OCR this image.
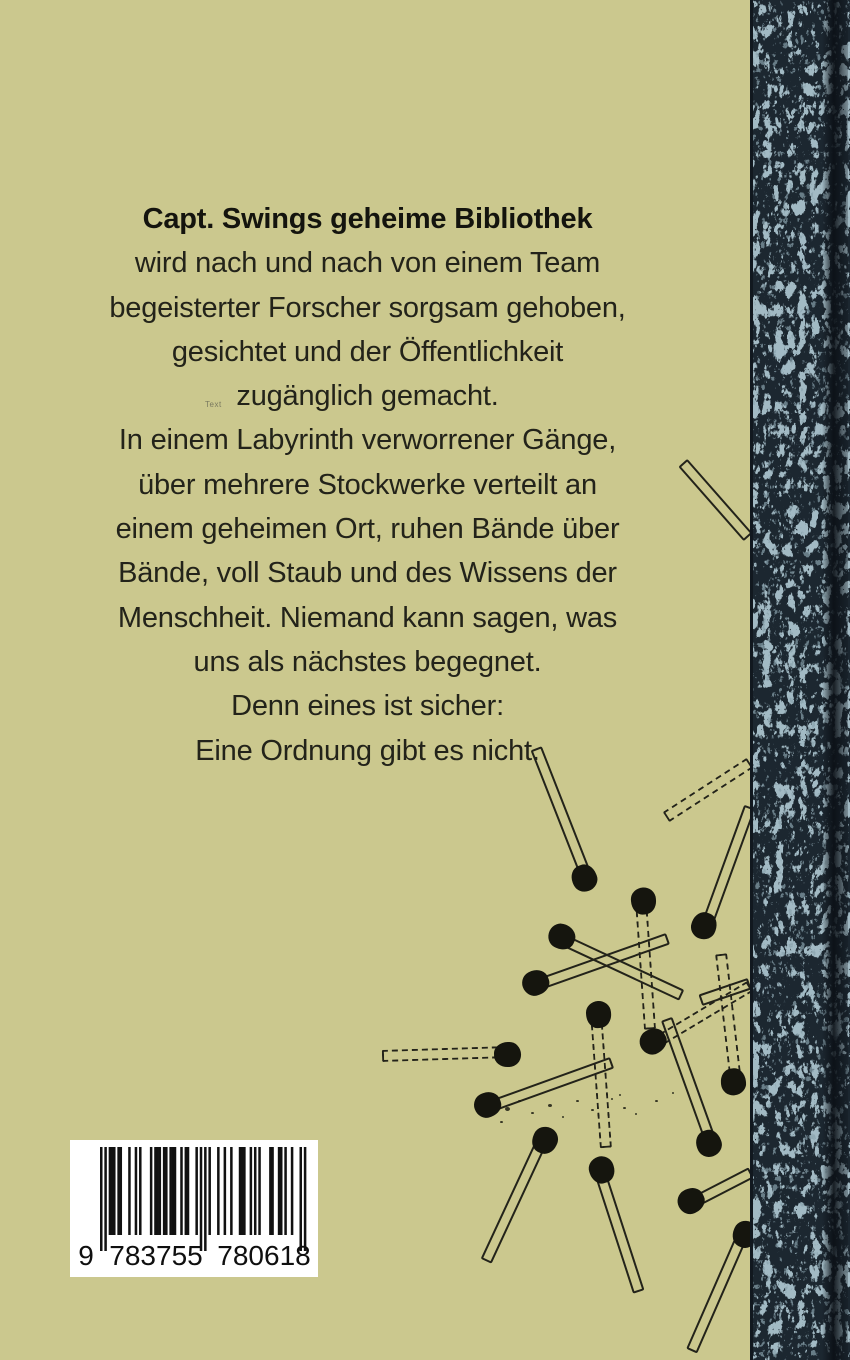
Capt. Swings geheime Bibliothek
wird nach und nach von einem Team
begeisterter Forscher sorgsam gehoben,
gesichtet und der Öffentlichkeit
zugänglich gemacht.
In einem Labyrinth verworrener Gänge,
über mehrere Stockwerke verteilt an
einem geheimen Ort, ruhen Bände über
Bände, voll Staub und des Wissens der
Menschheit. Niemand kann sagen, was
uns als nächstes begegnet.
Denn eines ist sicher:
Eine Ordnung gibt es nicht.
Text
9 783755 780618
